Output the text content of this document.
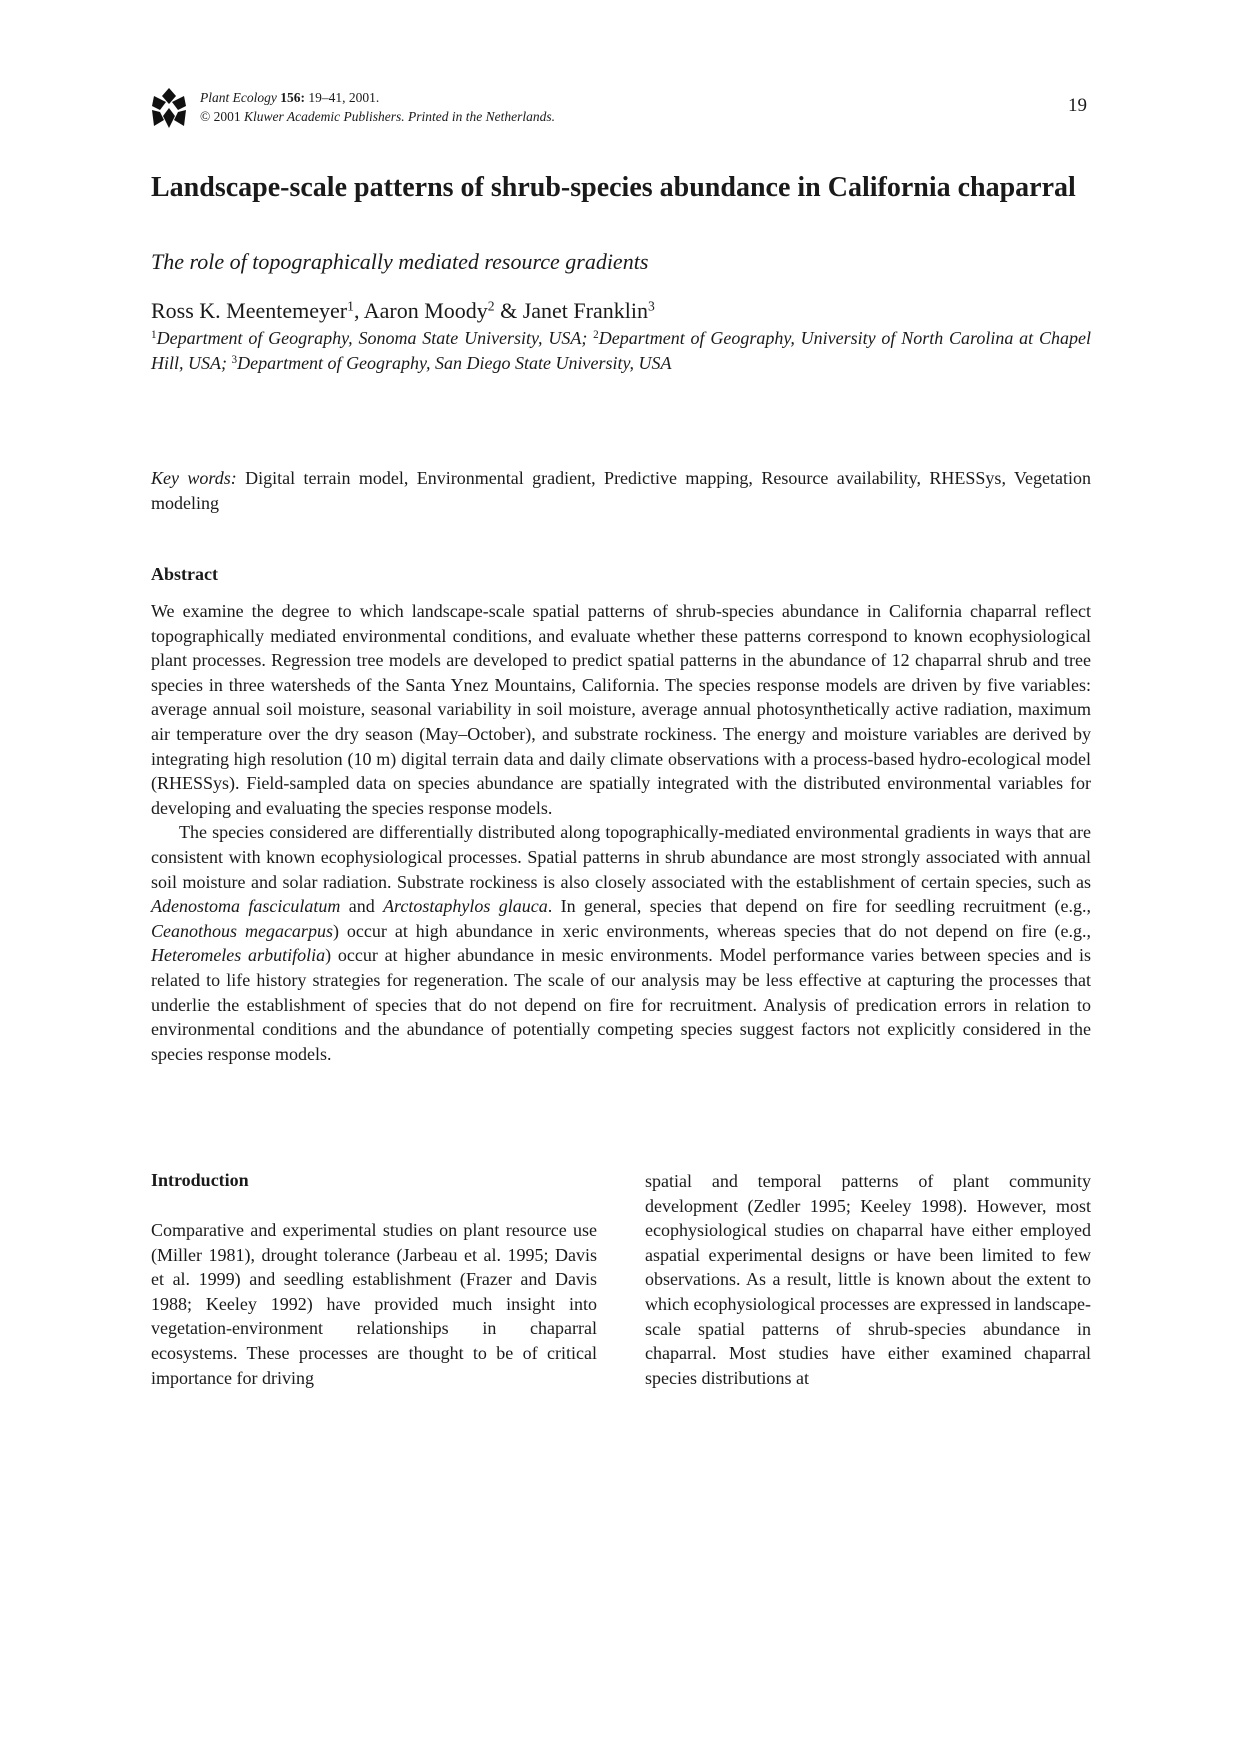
Plant Ecology 156: 19–41, 2001.
© 2001 Kluwer Academic Publishers. Printed in the Netherlands.
19
Landscape-scale patterns of shrub-species abundance in California chaparral
The role of topographically mediated resource gradients
Ross K. Meentemeyer$^1$, Aaron Moody$^2$ & Janet Franklin$^3$
$^1$Department of Geography, Sonoma State University, USA; $^2$Department of Geography, University of North Carolina at Chapel Hill, USA; $^3$Department of Geography, San Diego State University, USA
Key words: Digital terrain model, Environmental gradient, Predictive mapping, Resource availability, RHESSys, Vegetation modeling
Abstract

We examine the degree to which landscape-scale spatial patterns of shrub-species abundance in California chaparral reflect topographically mediated environmental conditions, and evaluate whether these patterns correspond to known ecophysiological plant processes. Regression tree models are developed to predict spatial patterns in the abundance of 12 chaparral shrub and tree species in three watersheds of the Santa Ynez Mountains, California. The species response models are driven by five variables: average annual soil moisture, seasonal variability in soil moisture, average annual photosynthetically active radiation, maximum air temperature over the dry season (May–October), and substrate rockiness. The energy and moisture variables are derived by integrating high resolution (10 m) digital terrain data and daily climate observations with a process-based hydro-ecological model (RHESSys). Field-sampled data on species abundance are spatially integrated with the distributed environmental variables for developing and evaluating the species response models.

The species considered are differentially distributed along topographically-mediated environmental gradients in ways that are consistent with known ecophysiological processes. Spatial patterns in shrub abundance are most strongly associated with annual soil moisture and solar radiation. Substrate rockiness is also closely associated with the establishment of certain species, such as Adenostoma fasciculatum and Arctostaphylos glauca. In general, species that depend on fire for seedling recruitment (e.g., Ceanothous megacarpus) occur at high abundance in xeric environments, whereas species that do not depend on fire (e.g., Heteromeles arbutifolia) occur at higher abundance in mesic environments. Model performance varies between species and is related to life history strategies for regeneration. The scale of our analysis may be less effective at capturing the processes that underlie the establishment of species that do not depend on fire for recruitment. Analysis of predication errors in relation to environmental conditions and the abundance of potentially competing species suggest factors not explicitly considered in the species response models.

Introduction

Comparative and experimental studies on plant resource use (Miller 1981), drought tolerance (Jarbeau et al. 1995; Davis et al. 1999) and seedling establishment (Frazer and Davis 1988; Keeley 1992) have provided much insight into vegetation-environment relationships in chaparral ecosystems. These processes are thought to be of critical importance for driving

spatial and temporal patterns of plant community development (Zedler 1995; Keeley 1998). However, most ecophysiological studies on chaparral have either employed aspatial experimental designs or have been limited to few observations. As a result, little is known about the extent to which ecophysiological processes are expressed in landscape-scale spatial patterns of shrub-species abundance in chaparral. Most studies have either examined chaparral species distributions at
